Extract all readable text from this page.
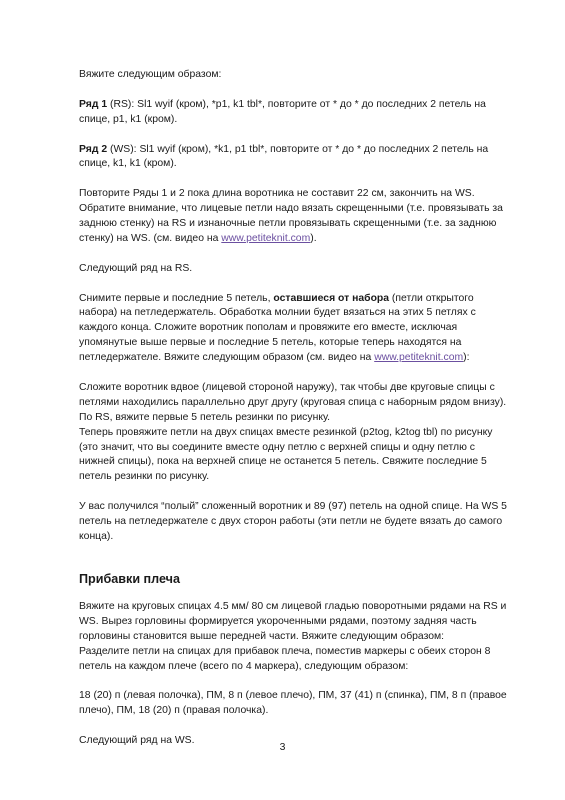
Вяжите следующим образом:

Ряд 1 (RS): Sl1 wyif (кром), *p1, k1 tbl*, повторите от * до * до последних 2 петель на спице, p1, k1 (кром).

Ряд 2 (WS): Sl1 wyif (кром), *k1, p1 tbl*, повторите от * до * до последних 2 петель на спице, k1, k1 (кром).

Повторите Ряды 1 и 2 пока длина воротника не составит 22 см, закончить на WS. Обратите внимание, что лицевые петли надо вязать скрещенными (т.е. провязывать за заднюю стенку) на RS и изнаночные петли провязывать скрещенными (т.е. за заднюю стенку) на WS. (см. видео на www.petiteknit.com).

Следующий ряд на RS.

Снимите первые и последние 5 петель, оставшиеся от набора (петли открытого набора) на петледержатель. Обработка молнии будет вязаться на этих 5 петлях с каждого конца. Сложите воротник пополам и провяжите его вместе, исключая упомянутые выше первые и последние 5 петель, которые теперь находятся на петледержателе. Вяжите следующим образом (см. видео на www.petiteknit.com):

Сложите воротник вдвое (лицевой стороной наружу), так чтобы две круговые спицы с петлями находились параллельно друг другу (круговая спица с наборным рядом внизу). По RS, вяжите первые 5 петель резинки по рисунку.

Теперь провяжите петли на двух спицах вместе резинкой (p2tog, k2tog tbl) по рисунку (это значит, что вы соедините вместе одну петлю с верхней спицы и одну петлю с нижней спицы), пока на верхней спице не останется 5 петель. Свяжите последние 5 петель резинки по рисунку.

У вас получился “полый” сложенный воротник и 89 (97) петель на одной спице. На WS 5 петель на петледержателе с двух сторон работы (эти петли не будете вязать до самого конца).

Прибавки плеча

Вяжите на круговых спицах 4.5 мм/ 80 см лицевой гладью поворотными рядами на RS и WS. Вырез горловины формируется укороченными рядами, поэтому задняя часть горловины становится выше передней части. Вяжите следующим образом:

Разделите петли на спицах для прибавок плеча, поместив маркеры с обеих сторон 8 петель на каждом плече (всего по 4 маркера), следующим образом:

18 (20) п (левая полочка), ПМ, 8 п (левое плечо), ПМ, 37 (41) п (спинка), ПМ, 8 п (правое плечо), ПМ, 18 (20) п (правая полочка).

Следующий ряд на WS.

3
